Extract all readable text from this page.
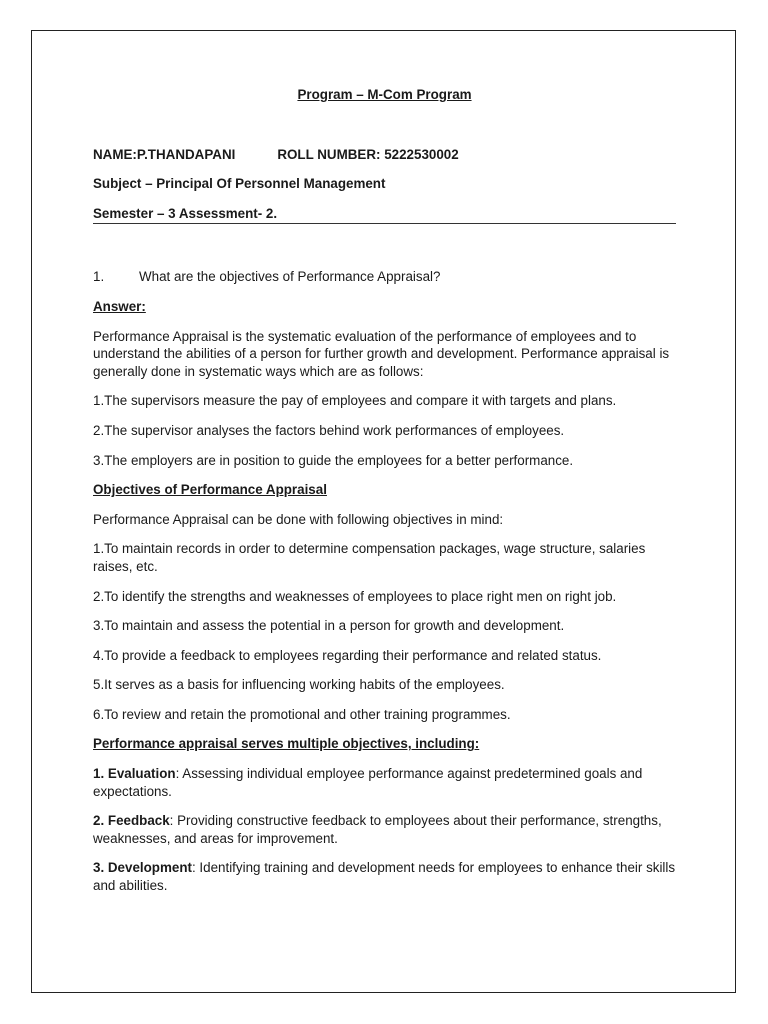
Program – M-Com Program

NAME:P.THANDAPANI	ROLL NUMBER: 5222530002

Subject – Principal Of Personnel Management

Semester – 3 Assessment- 2.

1.	What are the objectives of Performance Appraisal?

Answer:

Performance Appraisal is the systematic evaluation of the performance of employees and to understand the abilities of a person for further growth and development. Performance appraisal is generally done in systematic ways which are as follows:

1.The supervisors measure the pay of employees and compare it with targets and plans.

2.The supervisor analyses the factors behind work performances of employees.

3.The employers are in position to guide the employees for a better performance.

Objectives of Performance Appraisal

Performance Appraisal can be done with following objectives in mind:

1.To maintain records in order to determine compensation packages, wage structure, salaries raises, etc.

2.To identify the strengths and weaknesses of employees to place right men on right job.

3.To maintain and assess the potential in a person for growth and development.

4.To provide a feedback to employees regarding their performance and related status.

5.It serves as a basis for influencing working habits of the employees.

6.To review and retain the promotional and other training programmes.

Performance appraisal serves multiple objectives, including:

1. Evaluation: Assessing individual employee performance against predetermined goals and expectations.

2. Feedback: Providing constructive feedback to employees about their performance, strengths, weaknesses, and areas for improvement.

3. Development: Identifying training and development needs for employees to enhance their skills and abilities.
